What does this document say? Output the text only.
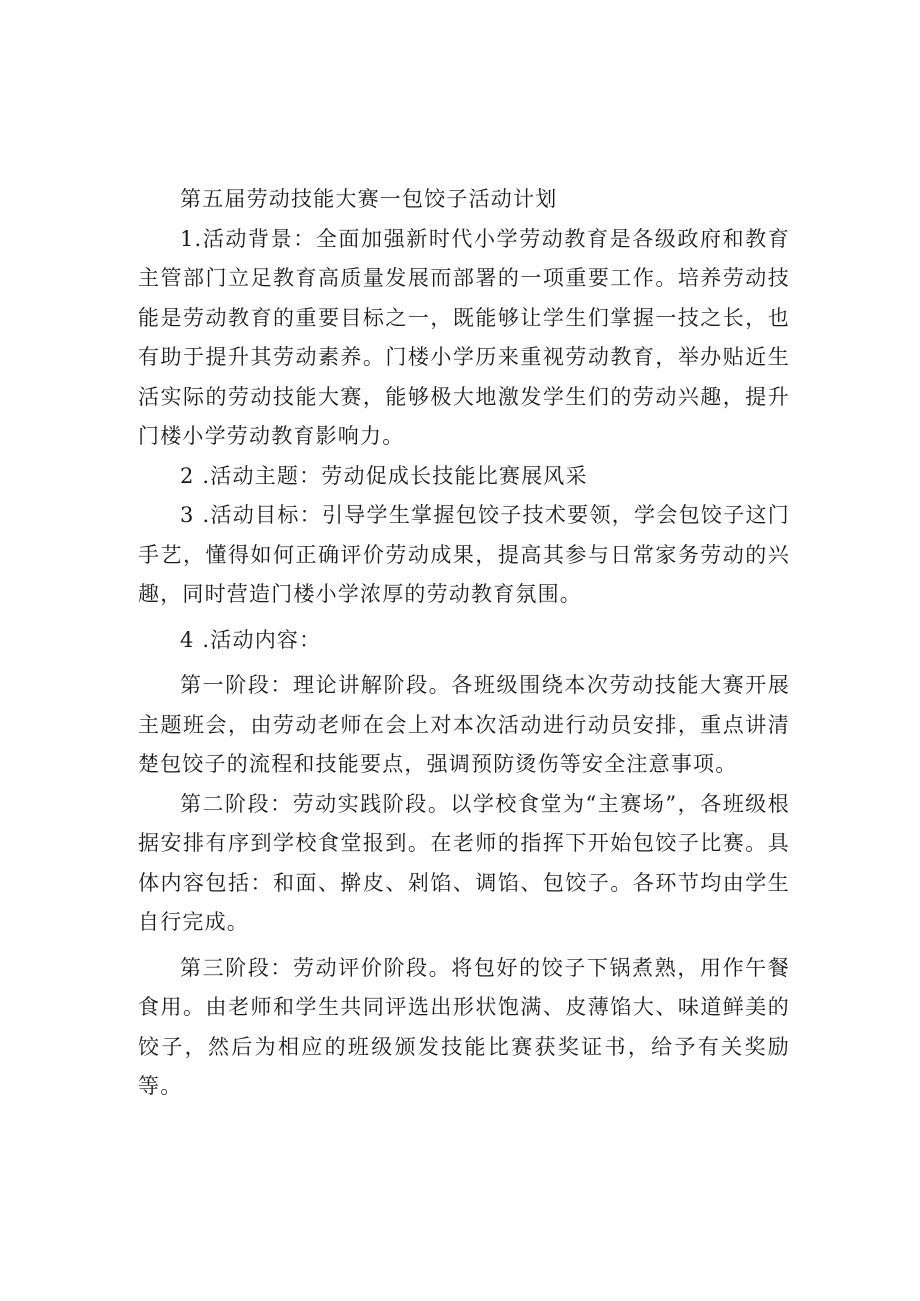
第五届劳动技能大赛一包饺子活动计划

1.活动背景：全面加强新时代小学劳动教育是各级政府和教育主管部门立足教育高质量发展而部署的一项重要工作。培养劳动技能是劳动教育的重要目标之一，既能够让学生们掌握一技之长，也有助于提升其劳动素养。门楼小学历来重视劳动教育，举办贴近生活实际的劳动技能大赛，能够极大地激发学生们的劳动兴趣，提升门楼小学劳动教育影响力。

2 .活动主题：劳动促成长技能比赛展风采

3 .活动目标：引导学生掌握包饺子技术要领，学会包饺子这门手艺，懂得如何正确评价劳动成果，提高其参与日常家务劳动的兴趣，同时营造门楼小学浓厚的劳动教育氛围。

4 .活动内容：

第一阶段：理论讲解阶段。各班级围绕本次劳动技能大赛开展主题班会，由劳动老师在会上对本次活动进行动员安排，重点讲清楚包饺子的流程和技能要点，强调预防烫伤等安全注意事项。

第二阶段：劳动实践阶段。以学校食堂为“主赛场”，各班级根据安排有序到学校食堂报到。在老师的指挥下开始包饺子比赛。具体内容包括：和面、擀皮、剁馅、调馅、包饺子。各环节均由学生自行完成。

第三阶段：劳动评价阶段。将包好的饺子下锅煮熟，用作午餐食用。由老师和学生共同评选出形状饱满、皮薄馅大、味道鲜美的饺子，然后为相应的班级颁发技能比赛获奖证书，给予有关奖励等。
